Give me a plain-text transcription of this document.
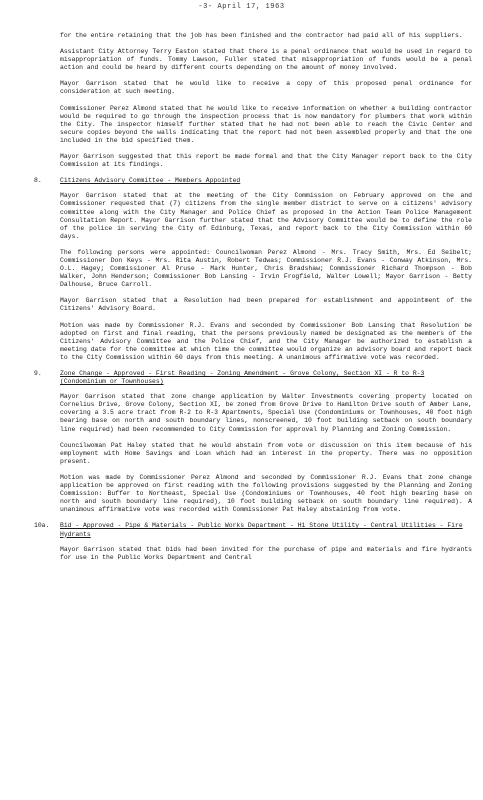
-3- April 17, 1963

for the entire retaining that the job has been finished and the contractor had paid all of his suppliers.

Assistant City Attorney Terry Easton stated that there is a penal ordinance that would be used in regard to misappropriation of funds. Tommy Lawson, Fuller stated that misappropriation of funds would be a penal action and could be heard by different courts depending on the amount of money involved.

Mayor Garrison stated that he would like to receive a copy of this proposed penal ordinance for consideration at such meeting.

Commissioner Perez Almond stated that he would like to receive information on whether a building contractor would be required to go through the inspection process that is now mandatory for plumbers that work within the City. The inspector himself further stated that he had not been able to reach the Civic Center and secure copies beyond the walls indicating that the report had not been assembled properly and that the one included in the bid specified them.

Mayor Garrison suggested that this report be made formal and that the City Manager report back to the City Commission at its findings.

8.	Citizens Advisory Committee - Members Appointed

Mayor Garrison stated that at the meeting of the City Commission on February approved on the and Commissioner requested that (7) citizens from the single member district to serve on a citizens' advisory committee along with the City Manager and Police Chief as proposed in the Action Team Police Management Consultation Report. Mayor Garrison further stated that the Advisory Committee would be to define the role of the police in serving the City of Edinburg, Texas, and report back to the City Commission within 60 days.

The following persons were appointed: Councilwoman Perez Almond - Mrs. Tracy Smith, Mrs. Ed Seibelt; Commissioner Don Keys - Mrs. Rita Austin, Robert Tedwas; Commissioner R.J. Evans - Conway Atkinson, Mrs. O.L. Hagey; Commissioner Al Pruse - Mark Hunter, Chris Bradshaw; Commissioner Richard Thompson - Bob Walker, John Henderson; Commissioner Bob Lansing - Irvin Frogfield, Walter Lowell; Mayor Garrison - Betty Dalhouse, Bruce Carroll.

Mayor Garrison stated that a Resolution had been prepared for establishment and appointment of the Citizens' Advisory Board.

Motion was made by Commissioner R.J. Evans and seconded by Commissioner Bob Lansing that Resolution be adopted on first and final reading, that the persons previously named be designated as the members of the Citizens' Advisory Committee and the Police Chief, and the City Manager be authorized to establish a meeting date for the committee at which time the committee would organize an advisory board and report back to the City Commission within 60 days from this meeting. A unanimous affirmative vote was recorded.

9.	Zone Change - Approved - First Reading - Zoning Amendment - Grove Colony, Section XI - R to R-3 (Condominium or Townhouses)

Mayor Garrison stated that zone change application by Walter Investments covering property located on Cornelius Drive, Grove Colony, Section XI, be zoned from Grove Drive to Hamilton Drive south of Amber Lane, covering a 3.5 acre tract from R-2 to R-3 Apartments, Special Use (Condominiums or Townhouses, 40 foot high bearing base on north and south boundary lines, nonscreened, 10 foot building setback on south boundary line required) had been recommended to City Commission for approval by Planning and Zoning Commission.

Councilwoman Pat Haley stated that he would abstain from vote or discussion on this item because of his employment with Home Savings and Loan which had an interest in the property. There was no opposition present.

Motion was made by Commissioner Perez Almond and seconded by Commissioner R.J. Evans that zone change application be approved on first reading with the following provisions suggested by the Planning and Zoning Commission: Buffer to Northeast, Special Use (Condominiums or Townhouses, 40 foot high bearing base on north and south boundary line required), 10 foot building setback on south boundary line required). A unanimous affirmative vote was recorded with Commissioner Pat Haley abstaining from vote.

10a. Bid - Approved - Pipe & Materials - Public Works Department - Hi Stone Utility - Central Utilities - Fire Hydrants

Mayor Garrison stated that bids had been invited for the purchase of pipe and materials and fire hydrants for use in the Public Works Department and Central
